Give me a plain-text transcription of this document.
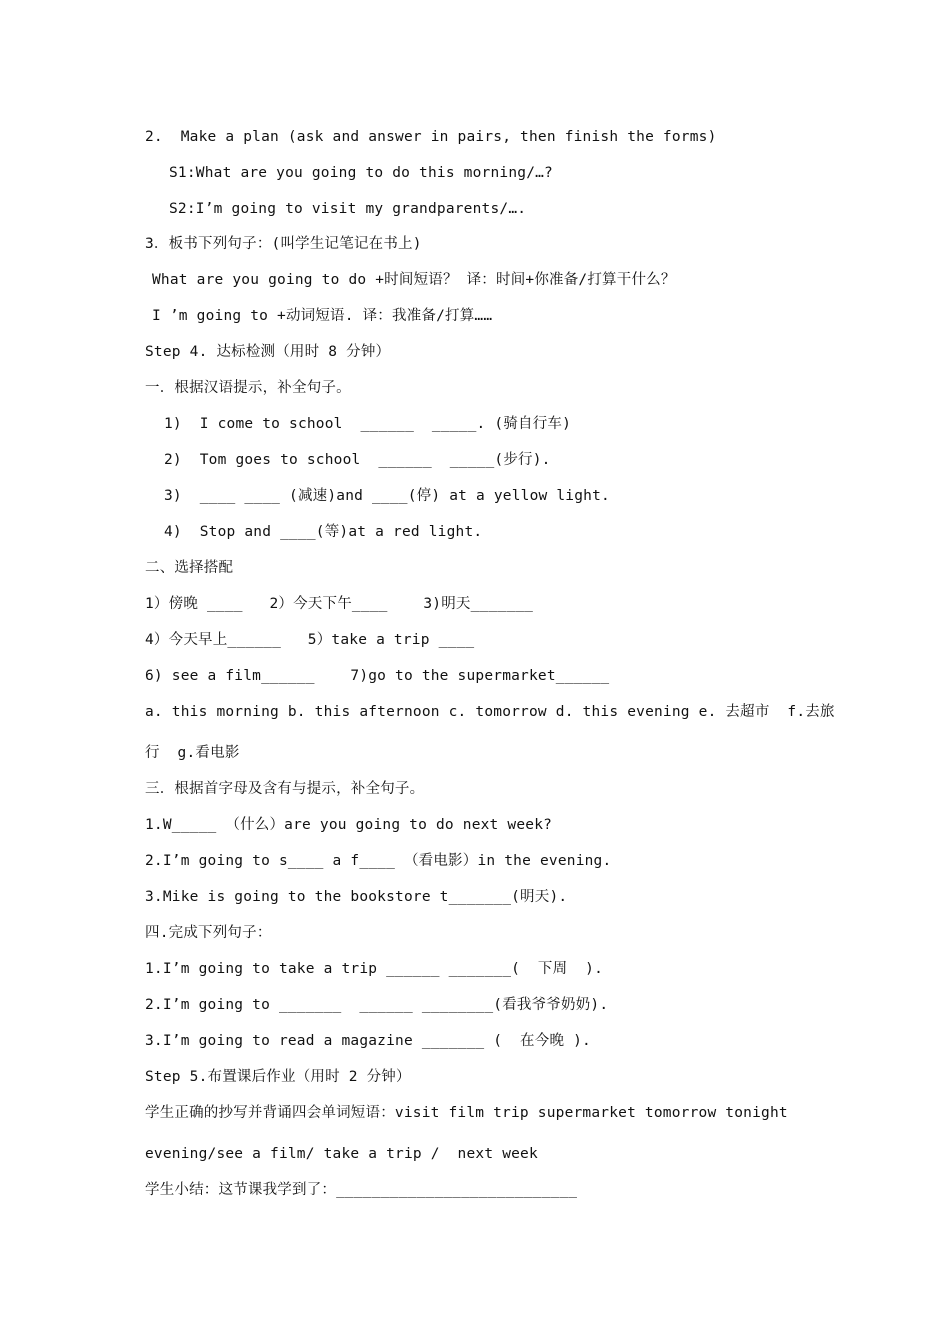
2.  Make a plan (ask and answer in pairs, then finish the forms)
S1:What are you going to do this morning/…?
S2:I’m going to visit my grandparents/….
3．板书下列句子：(叫学生记笔记在书上)
What are you going to do +时间短语？ 译：时间+你准备/打算干什么？
I ’m going to +动词短语. 译：我准备/打算……
Step 4. 达标检测（用时 8 分钟）
一．根据汉语提示，补全句子。
1)  I come to school  ______  _____. (骑自行车)
2)  Tom goes to school  ______  _____(步行).
3)  ____ ____ (减速)and ____(停) at a yellow light.
4)  Stop and ____(等)at a red light.
二、选择搭配
1）傍晚 ____   2）今天下午____    3)明天_______
4）今天早上______   5）take a trip ____
6) see a film______    7)go to the supermarket______
a. this morning b. this afternoon c. tomorrow d. this evening e. 去超市  f.去旅
行  g.看电影
三．根据首字母及含有与提示，补全句子。
1.W_____ （什么）are you going to do next week?
2.I’m going to s____ a f____ （看电影）in the evening.
3.Mike is going to the bookstore t_______(明天).
四.完成下列句子：
1.I’m going to take a trip ______ _______(  下周  ).
2.I’m going to _______  ______ ________(看我爷爷奶奶).
3.I’m going to read a magazine _______ (  在今晚 ).
Step 5.布置课后作业（用时 2 分钟）
学生正确的抄写并背诵四会单词短语：visit film trip supermarket tomorrow tonight
evening/see a film/ take a trip /  next week
学生小结：这节课我学到了：___________________________
